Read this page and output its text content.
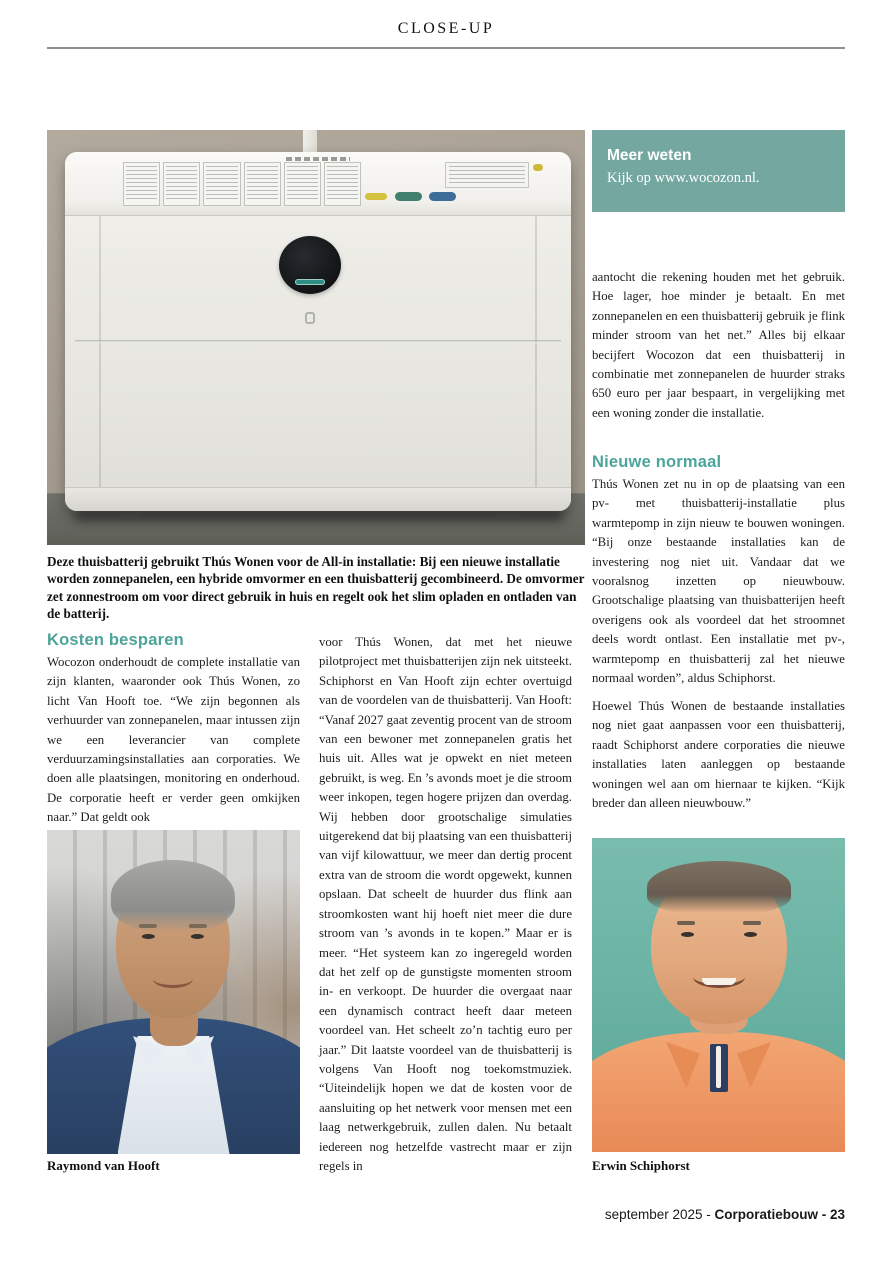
CLOSE-UP
Meer weten
Kijk op www.wocozon.nl.
aantocht die rekening houden met het gebruik. Hoe lager, hoe minder je betaalt. En met zonnepanelen en een thuisbatterij gebruik je flink minder stroom van het net.” Alles bij elkaar becijfert Wocozon dat een thuisbatterij in combinatie met zonnepanelen de huurder straks 650 euro per jaar bespaart, in vergelijking met een woning zonder die installatie.
Nieuwe normaal
Thús Wonen zet nu in op de plaatsing van een pv- met thuisbatterij-installatie plus warmtepomp in zijn nieuw te bouwen woningen. “Bij onze bestaande installaties kan de investering nog niet uit. Vandaar dat we vooralsnog inzetten op nieuwbouw. Grootschalige plaatsing van thuisbatterijen heeft overigens ook als voordeel dat het stroomnet deels wordt ontlast. Een installatie met pv-, warmtepomp en thuisbatterij zal het nieuwe normaal worden”, aldus Schiphorst.
Hoewel Thús Wonen de bestaande installaties nog niet gaat aanpassen voor een thuisbatterij, raadt Schiphorst andere corporaties die nieuwe installaties laten aanleggen op bestaande woningen wel aan om hiernaar te kijken. “Kijk breder dan alleen nieuwbouw.”
Deze thuisbatterij gebruikt Thús Wonen voor de All-in installatie: Bij een nieuwe installatie worden zonnepanelen, een hybride omvormer en een thuisbatterij gecombineerd. De omvormer zet zonnestroom om voor direct gebruik in huis en regelt ook het slim opladen en ontladen van de batterij.
Kosten besparen
Wocozon onderhoudt de complete installatie van zijn klanten, waaronder ook Thús Wonen, zo licht Van Hooft toe. “We zijn begonnen als verhuurder van zonnepanelen, maar intussen zijn we een leverancier van complete verduurzamingsinstallaties aan corporaties. We doen alle plaatsingen, monitoring en onderhoud. De corporatie heeft er verder geen omkijken naar.” Dat geldt ook
voor Thús Wonen, dat met het nieuwe pilotproject met thuisbatterijen zijn nek uitsteekt. Schiphorst en Van Hooft zijn echter overtuigd van de voordelen van de thuisbatterij. Van Hooft: “Vanaf 2027 gaat zeventig procent van de stroom van een bewoner met zonnepanelen gratis het huis uit. Alles wat je opwekt en niet meteen gebruikt, is weg. En ’s avonds moet je die stroom weer inkopen, tegen hogere prijzen dan overdag. Wij hebben door grootschalige simulaties uitgerekend dat bij plaatsing van een thuisbatterij van vijf kilowattuur, we meer dan dertig procent extra van de stroom die wordt opgewekt, kunnen opslaan. Dat scheelt de huurder dus flink aan stroomkosten want hij hoeft niet meer die dure stroom van ’s avonds in te kopen.” Maar er is meer. “Het systeem kan zo ingeregeld worden dat het zelf op de gunstigste momenten stroom in- en verkoopt. De huurder die overgaat naar een dynamisch contract heeft daar meteen voordeel van. Het scheelt zo’n tachtig euro per jaar.” Dit laatste voordeel van de thuisbatterij is volgens Van Hooft nog toekomstmuziek. “Uiteindelijk hopen we dat de kosten voor de aansluiting op het netwerk voor mensen met een laag netwerkgebruik, zullen dalen. Nu betaalt iedereen nog hetzelfde vastrecht maar er zijn regels in
Raymond van Hooft	Erwin Schiphorst
september 2025 - Corporatiebouw - 23
